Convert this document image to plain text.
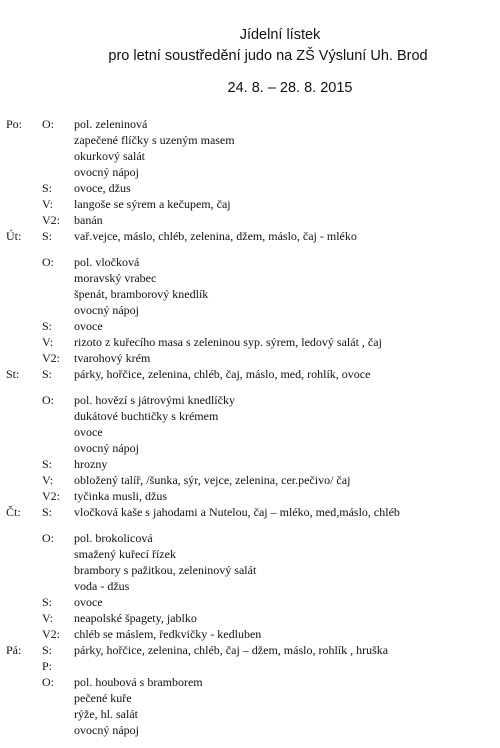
Jídelní lístek
pro letní soustředění judo na ZŠ Výsluní Uh. Brod
24. 8. – 28. 8. 2015
Po: O: pol. zeleninová
zapečené flíčky s uzeným masem
okurkový salát
ovocný nápoj
S: ovoce, džus
V: langoše se sýrem a kečupem, čaj
V2: banán
Út: S: vař.vejce, máslo, chléb, zelenina, džem, máslo, čaj - mléko
O: pol. vločková
moravský vrabec
špenát, bramborový knedlík
ovocný nápoj
S: ovoce
V: rizoto z kuřecího masa s zeleninou syp. sýrem, ledový salát , čaj
V2: tvarohový krém
St: S: párky, hořčice, zelenina, chléb, čaj, máslo, med, rohlík, ovoce
O: pol. hovězí s játrovými knedlíčky
dukátové buchtičky s krémem
ovoce
ovocný nápoj
S: hrozny
V: obložený talíř, /šunka, sýr, vejce, zelenina, cer.pečivo/ čaj
V2: tyčinka musli, džus
Čt: S: vločková kaše s jahodami a Nutelou, čaj – mléko, med,máslo, chléb
O: pol. brokolicová
smažený kuřecí řízek
brambory s pažitkou, zeleninový salát
voda - džus
S: ovoce
V: neapolské špagety, jablko
V2: chléb se máslem, ředkvičky - kedluben
Pá: S: párky, hořčice, zelenina, chléb, čaj – džem, máslo, rohlík , hruška
P:
O: pol. houbová s bramborem
pečené kuře
rýže, hl. salát
ovocný nápoj
